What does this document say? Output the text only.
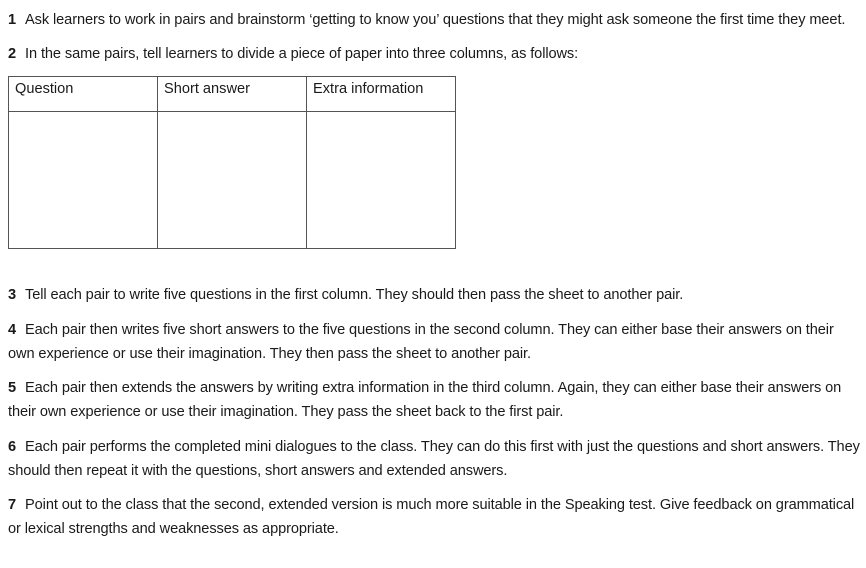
1 Ask learners to work in pairs and brainstorm ‘getting to know you’ questions that they might ask someone the first time they meet.
2 In the same pairs, tell learners to divide a piece of paper into three columns, as follows:
Question	Short answer	Extra information

3 Tell each pair to write five questions in the first column. They should then pass the sheet to another pair.
4 Each pair then writes five short answers to the five questions in the second column. They can either base their answers on their own experience or use their imagination. They then pass the sheet to another pair.
5 Each pair then extends the answers by writing extra information in the third column. Again, they can either base their answers on their own experience or use their imagination. They pass the sheet back to the first pair.
6 Each pair performs the completed mini dialogues to the class. They can do this first with just the questions and short answers. They should then repeat it with the questions, short answers and extended answers.
7 Point out to the class that the second, extended version is much more suitable in the Speaking test. Give feedback on grammatical or lexical strengths and weaknesses as appropriate.
